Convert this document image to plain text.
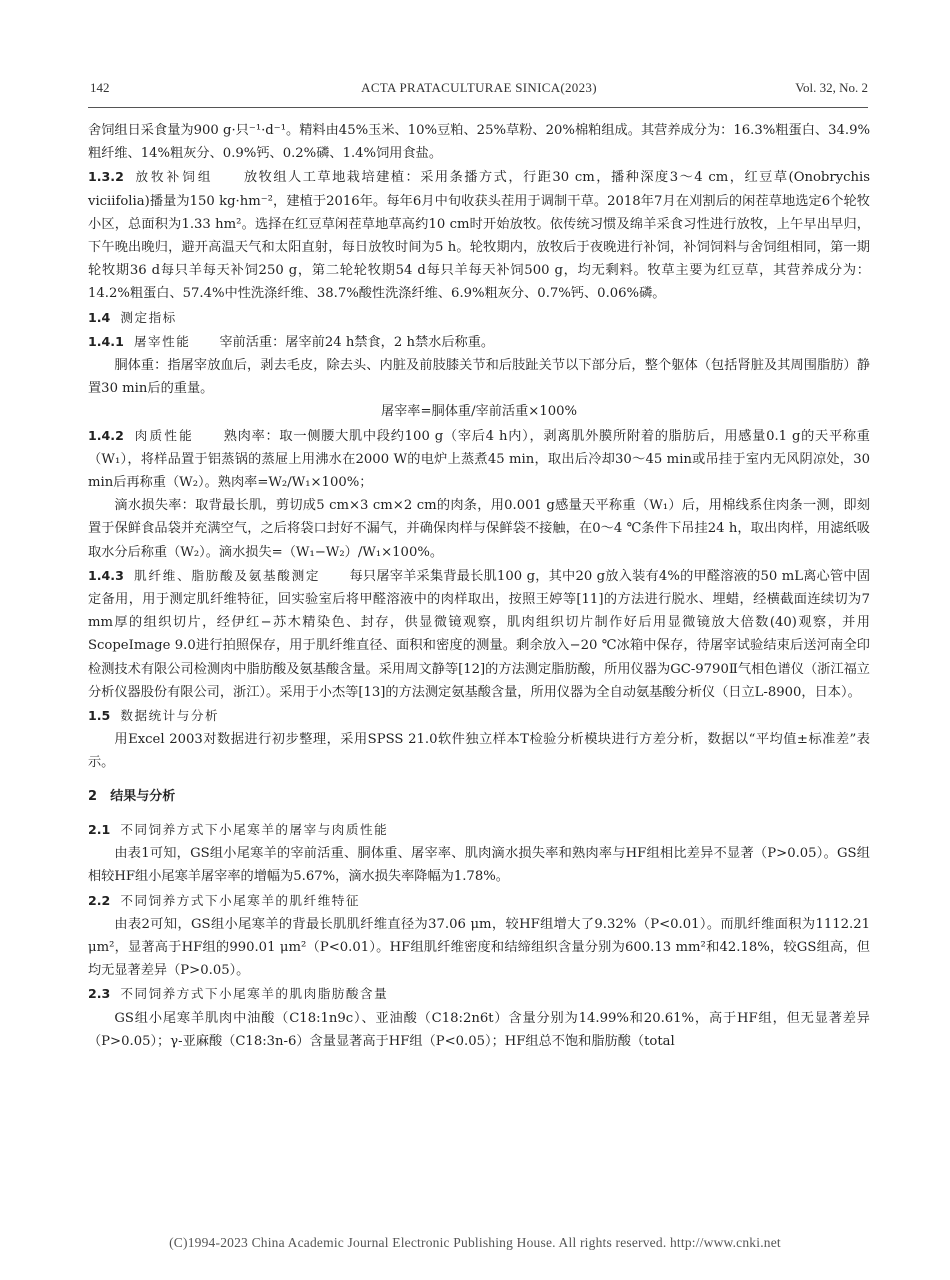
142	ACTA PRATACULTURAE SINICA(2023)	Vol. 32, No. 2

舍饲组日采食量为900 g·只⁻¹·d⁻¹。精料由45%玉米、10%豆粕、25%草粉、20%棉粕组成。其营养成分为：16.3%粗蛋白、34.9%粗纤维、14%粗灰分、0.9%钙、0.2%磷、1.4%饲用食盐。

1.3.2 放牧补饲组 放牧组人工草地栽培建植：采用条播方式，行距30 cm，播种深度3～4 cm，红豆草(Onobrychis viciifolia)播量为150 kg·hm⁻²，建植于2016年。每年6月中旬收获头茬用于调制干草。2018年7月在刈割后的闲茬草地选定6个轮牧小区，总面积为1.33 hm²。选择在红豆草闲茬草地草高约10 cm时开始放牧。依传统习惯及绵羊采食习性进行放牧，上午早出早归，下午晚出晚归，避开高温天气和太阳直射，每日放牧时间为5 h。轮牧期内，放牧后于夜晚进行补饲，补饲饲料与舍饲组相同，第一期轮牧期36 d每只羊每天补饲250 g，第二轮轮牧期54 d每只羊每天补饲500 g，均无剩料。牧草主要为红豆草，其营养成分为：14.2%粗蛋白、57.4%中性洗涤纤维、38.7%酸性洗涤纤维、6.9%粗灰分、0.7%钙、0.06%磷。

1.4 测定指标

1.4.1 屠宰性能 宰前活重：屠宰前24 h禁食，2 h禁水后称重。

胴体重：指屠宰放血后，剥去毛皮，除去头、内脏及前肢膝关节和后肢趾关节以下部分后，整个躯体（包括肾脏及其周围脂肪）静置30 min后的重量。

屠宰率=胴体重/宰前活重×100%

1.4.2 肉质性能 熟肉率：取一侧腰大肌中段约100 g（宰后4 h内），剥离肌外膜所附着的脂肪后，用感量0.1 g的天平称重（W₁），将样品置于铝蒸锅的蒸屉上用沸水在2000 W的电炉上蒸煮45 min，取出后冷却30～45 min或吊挂于室内无风阴凉处，30 min后再称重（W₂）。熟肉率=W₂/W₁×100%；

滴水损失率：取背最长肌，剪切成5 cm×3 cm×2 cm的肉条，用0.001 g感量天平称重（W₁）后，用棉线系住肉条一测，即刻置于保鲜食品袋并充满空气，之后将袋口封好不漏气，并确保肉样与保鲜袋不接触，在0～4 ℃条件下吊挂24 h，取出肉样，用滤纸吸取水分后称重（W₂）。滴水损失=（W₁−W₂）/W₁×100%。

1.4.3 肌纤维、脂肪酸及氨基酸测定 每只屠宰羊采集背最长肌100 g，其中20 g放入装有4%的甲醛溶液的50 mL离心管中固定备用，用于测定肌纤维特征，回实验室后将甲醛溶液中的肉样取出，按照王婷等[11]的方法进行脱水、埋蜡，经横截面连续切为7 mm厚的组织切片，经伊红−苏木精染色、封存，供显微镜观察，肌肉组织切片制作好后用显微镜放大倍数(40)观察，并用ScopeImage 9.0进行拍照保存，用于肌纤维直径、面积和密度的测量。剩余放入−20 ℃冰箱中保存，待屠宰试验结束后送河南全印检测技术有限公司检测肉中脂肪酸及氨基酸含量。采用周文静等[12]的方法测定脂肪酸，所用仪器为GC-9790Ⅱ气相色谱仪（浙江福立分析仪器股份有限公司，浙江）。采用于小杰等[13]的方法测定氨基酸含量，所用仪器为全自动氨基酸分析仪（日立L-8900，日本）。

1.5 数据统计与分析

用Excel 2003对数据进行初步整理，采用SPSS 21.0软件独立样本T检验分析模块进行方差分析，数据以“平均值±标准差”表示。

2 结果与分析

2.1 不同饲养方式下小尾寒羊的屠宰与肉质性能

由表1可知，GS组小尾寒羊的宰前活重、胴体重、屠宰率、肌肉滴水损失率和熟肉率与HF组相比差异不显著（P>0.05）。GS组相较HF组小尾寒羊屠宰率的增幅为5.67%，滴水损失率降幅为1.78%。

2.2 不同饲养方式下小尾寒羊的肌纤维特征

由表2可知，GS组小尾寒羊的背最长肌肌纤维直径为37.06 μm，较HF组增大了9.32%（P<0.01）。而肌纤维面积为1112.21 μm²，显著高于HF组的990.01 μm²（P<0.01）。HF组肌纤维密度和结缔组织含量分别为600.13 mm²和42.18%，较GS组高，但均无显著差异（P>0.05）。

2.3 不同饲养方式下小尾寒羊的肌肉脂肪酸含量

GS组小尾寒羊肌肉中油酸（C18:1n9c）、亚油酸（C18:2n6t）含量分别为14.99%和20.61%，高于HF组，但无显著差异（P>0.05）；γ-亚麻酸（C18:3n-6）含量显著高于HF组（P<0.05）；HF组总不饱和脂肪酸（total

(C)1994-2023 China Academic Journal Electronic Publishing House. All rights reserved. http://www.cnki.net
